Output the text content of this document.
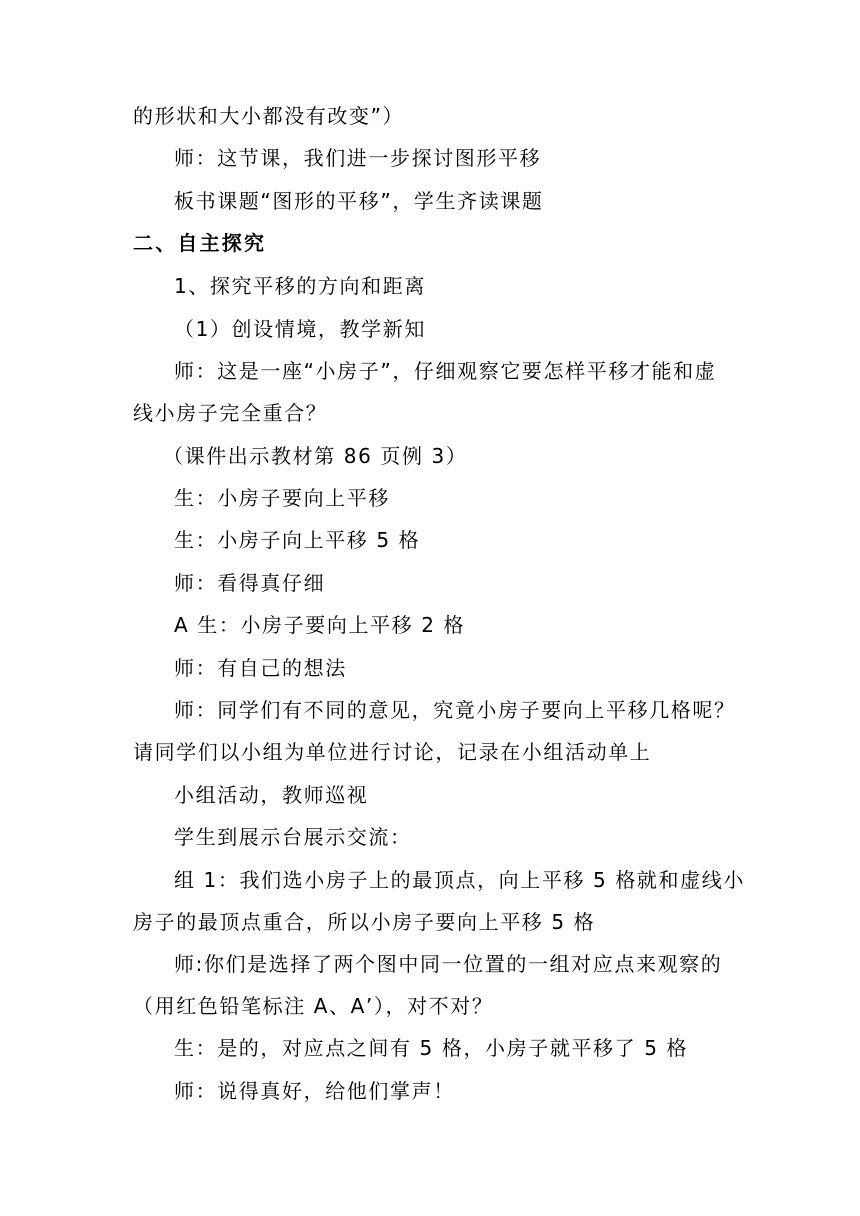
的形状和大小都没有改变”）
师：这节课，我们进一步探讨图形平移
板书课题“图形的平移”，学生齐读课题
二、自主探究
1、探究平移的方向和距离
（1）创设情境，教学新知
师：这是一座“小房子”，仔细观察它要怎样平移才能和虚
线小房子完全重合？
（课件出示教材第 86 页例 3）
生：小房子要向上平移
生：小房子向上平移 5 格
师：看得真仔细
A 生：小房子要向上平移 2 格
师：有自己的想法
师：同学们有不同的意见，究竟小房子要向上平移几格呢？
请同学们以小组为单位进行讨论，记录在小组活动单上
小组活动，教师巡视
学生到展示台展示交流：
组 1：我们选小房子上的最顶点，向上平移 5 格就和虚线小
房子的最顶点重合，所以小房子要向上平移 5 格
师:你们是选择了两个图中同一位置的一组对应点来观察的
（用红色铅笔标注 A、A’），对不对？
生：是的，对应点之间有 5 格，小房子就平移了 5 格
师：说得真好，给他们掌声！
